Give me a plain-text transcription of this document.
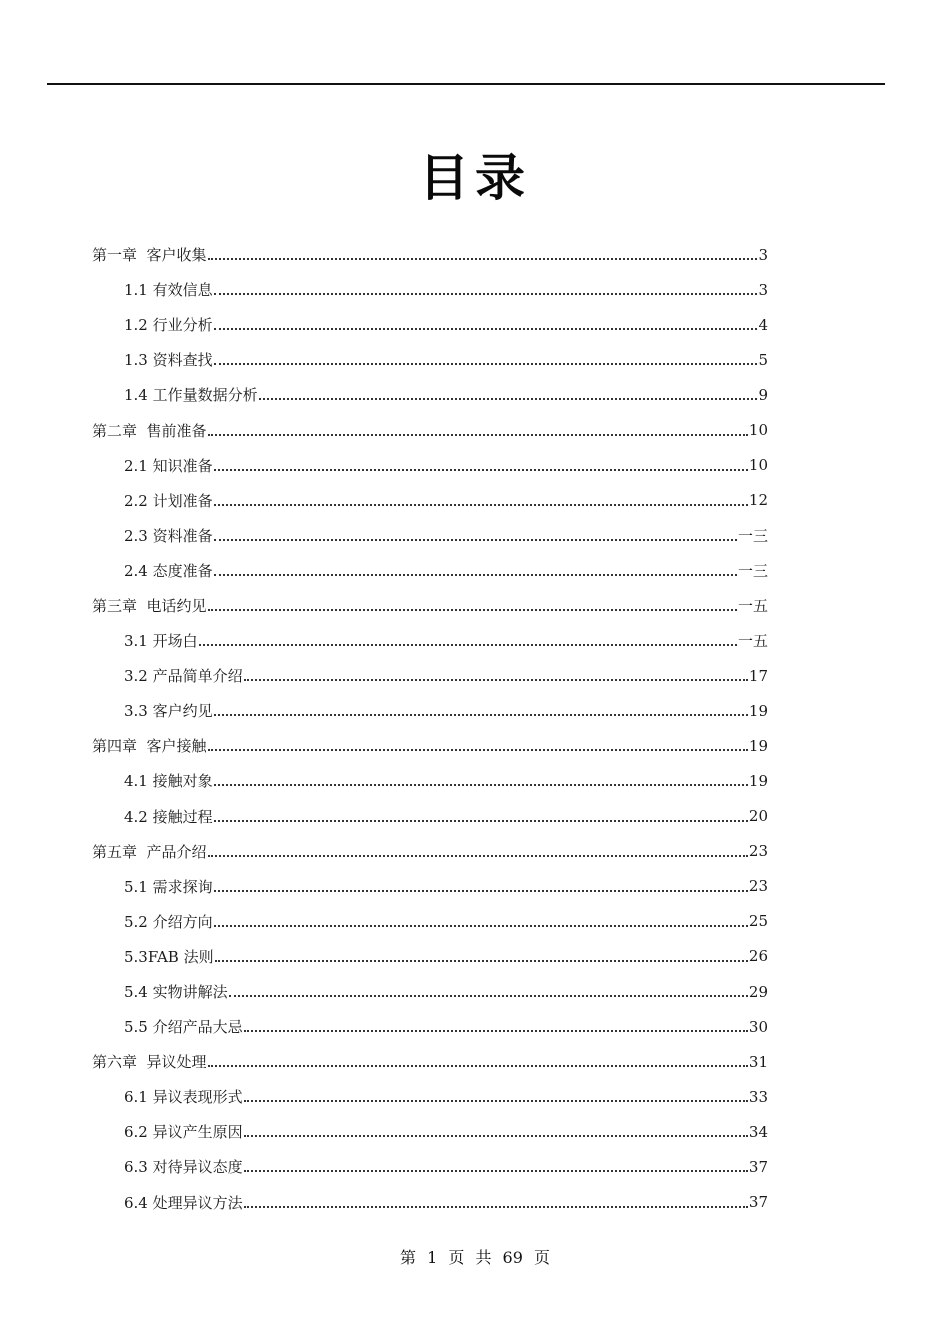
目录
第一章  客户收集	3
1.1 有效信息	3
1.2 行业分析	4
1.3 资料查找	5
1.4 工作量数据分析	9
第二章  售前准备	10
2.1 知识准备	10
2.2 计划准备	12
2.3 资料准备	一三
2.4 态度准备	一三
第三章  电话约见	一五
3.1 开场白	一五
3.2 产品简单介绍	17
3.3 客户约见	19
第四章  客户接触	19
4.1 接触对象	19
4.2 接触过程	20
第五章  产品介绍	23
5.1 需求探询	23
5.2 介绍方向	25
5.3FAB 法则	26
5.4 实物讲解法	29
5.5 介绍产品大忌	30
第六章  异议处理	31
6.1 异议表现形式	33
6.2 异议产生原因	34
6.3 对待异议态度	37
6.4 处理异议方法	37
第 1 页 共 69 页
